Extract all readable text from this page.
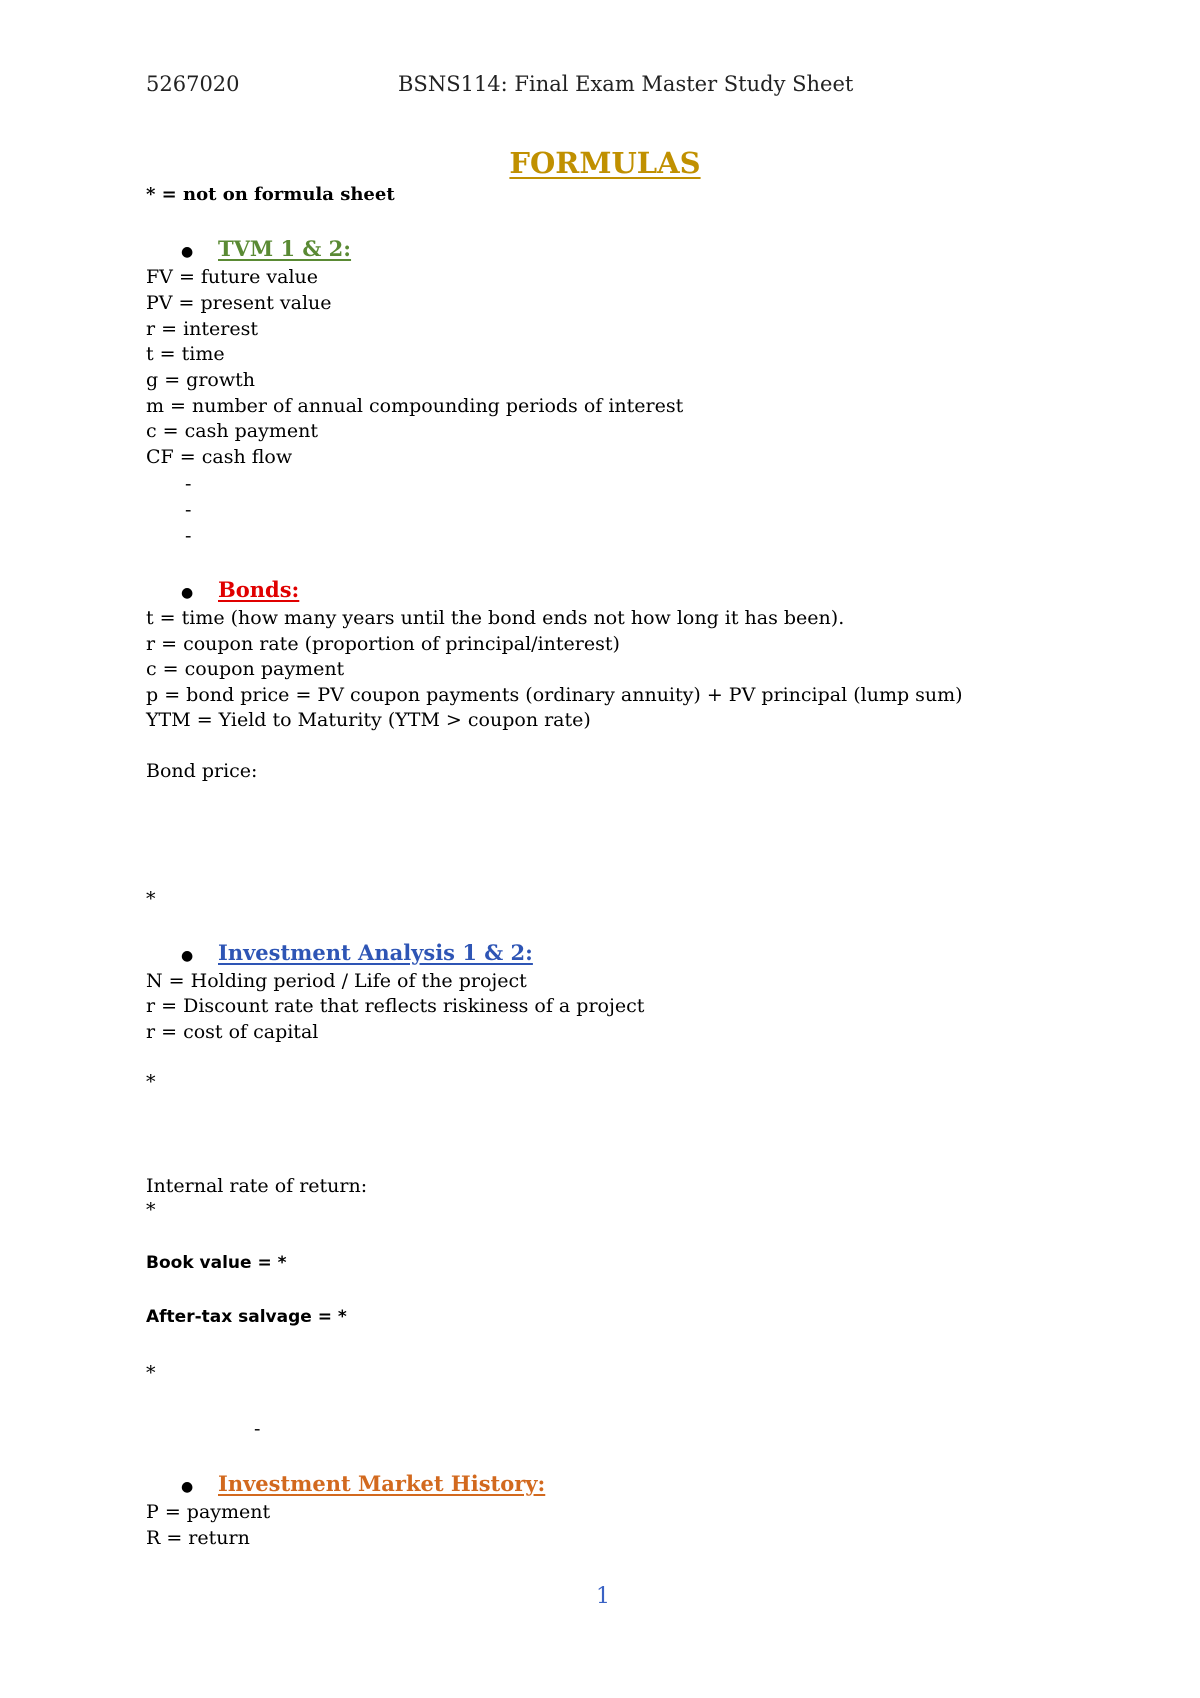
5267020	BSNS114: Final Exam Master Study Sheet
FORMULAS
* = not on formula sheet
● TVM 1 & 2:
FV = future value
PV = present value
r = interest
t = time
g = growth
m = number of annual compounding periods of interest
c = cash payment
CF = cash flow
-
-
-
● Bonds:
t = time (how many years until the bond ends not how long it has been).
r = coupon rate (proportion of principal/interest)
c = coupon payment
p = bond price = PV coupon payments (ordinary annuity) + PV principal (lump sum)
YTM = Yield to Maturity (YTM > coupon rate)
Bond price:
*
● Investment Analysis 1 & 2:
N = Holding period / Life of the project
r = Discount rate that reflects riskiness of a project
r = cost of capital
*
Internal rate of return:
*
Book value = *
After-tax salvage = *
*
-
● Investment Market History:
P = payment
R = return
1
